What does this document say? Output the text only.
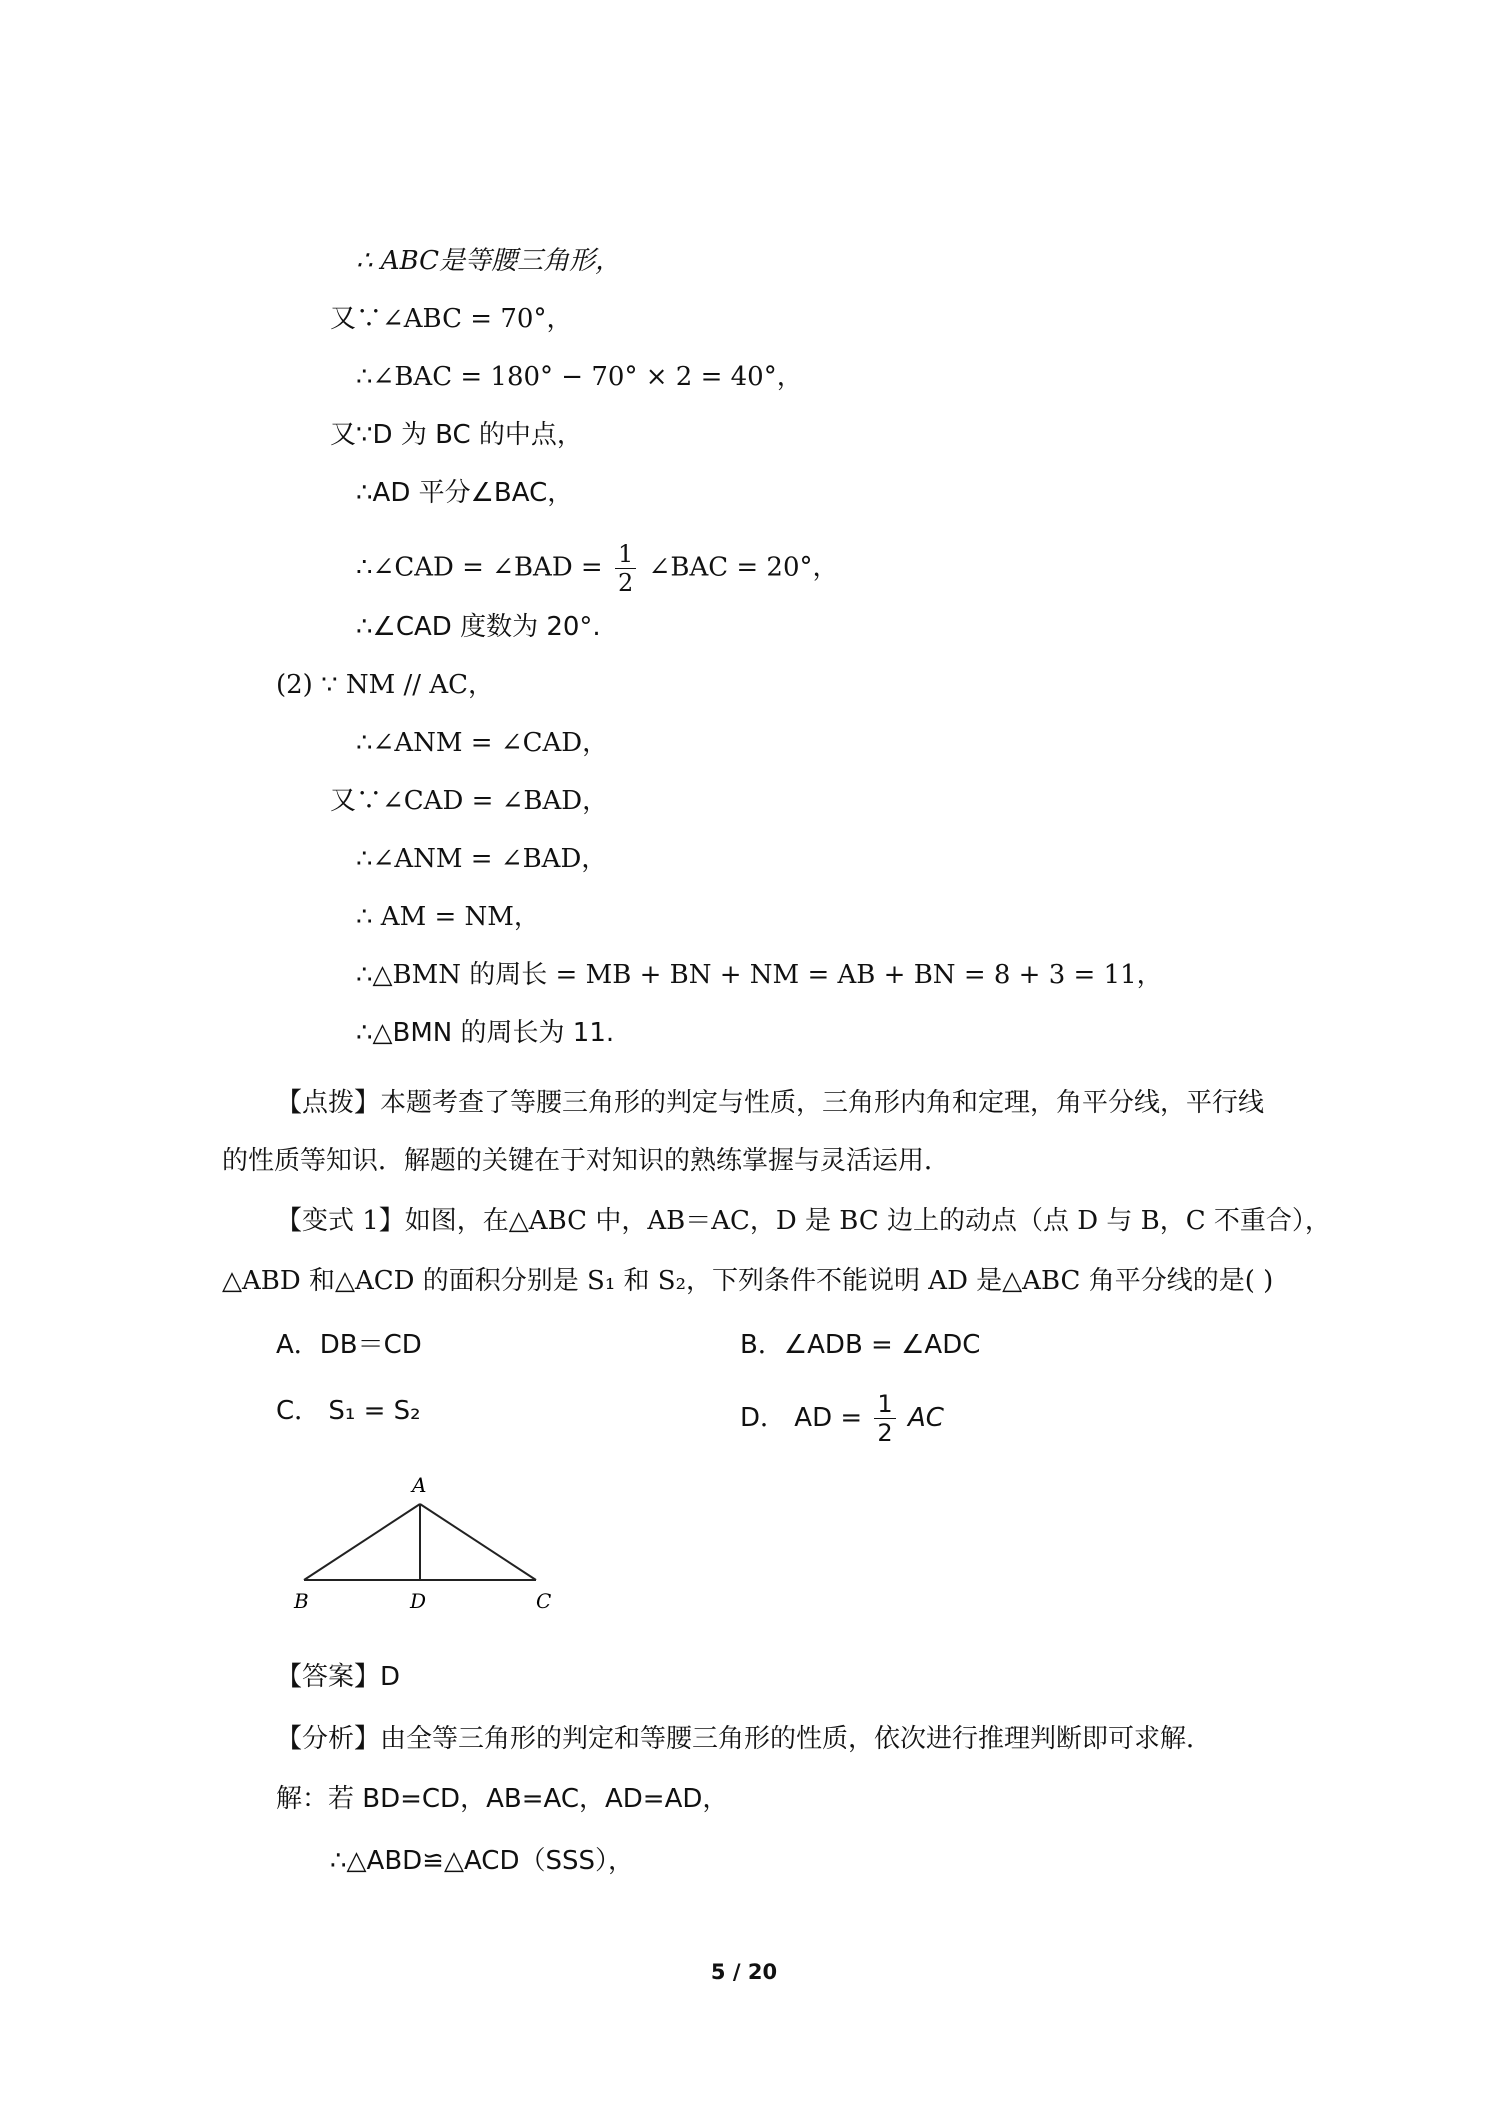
∴ ABC是等腰三角形，
又∵∠ABC = 70°，
∴∠BAC = 180° − 70° × 2 = 40°，
又∵D 为 BC 的中点，
∴AD 平分∠BAC，
∴∠CAD = ∠BAD = $\frac{1}{2}$ ∠BAC = 20°，
∴∠CAD 度数为 20°.
(2) ∵ NM // AC，
∴∠ANM = ∠CAD，
又∵∠CAD = ∠BAD，
∴∠ANM = ∠BAD，
∴ AM = NM，
∴△BMN 的周长 = MB + BN + NM = AB + BN = 8 + 3 = 11，
∴△BMN 的周长为 11.
【点拨】本题考查了等腰三角形的判定与性质，三角形内角和定理，角平分线，平行线
的性质等知识．解题的关键在于对知识的熟练掌握与灵活运用．
【变式 1】如图，在△ABC 中，AB＝AC，D 是 BC 边上的动点（点 D 与 B，C 不重合），
△ABD 和△ACD 的面积分别是 S₁ 和 S₂，下列条件不能说明 AD 是△ABC 角平分线的是( )
A．DB＝CD	B．∠ADB = ∠ADC
C． S₁ = S₂	D． AD = $\frac{1}{2}$ AC
A
B	D	C
【答案】D
【分析】由全等三角形的判定和等腰三角形的性质，依次进行推理判断即可求解．
解：若 BD=CD，AB=AC，AD=AD，
∴△ABD≌△ACD（SSS），
5 / 20
